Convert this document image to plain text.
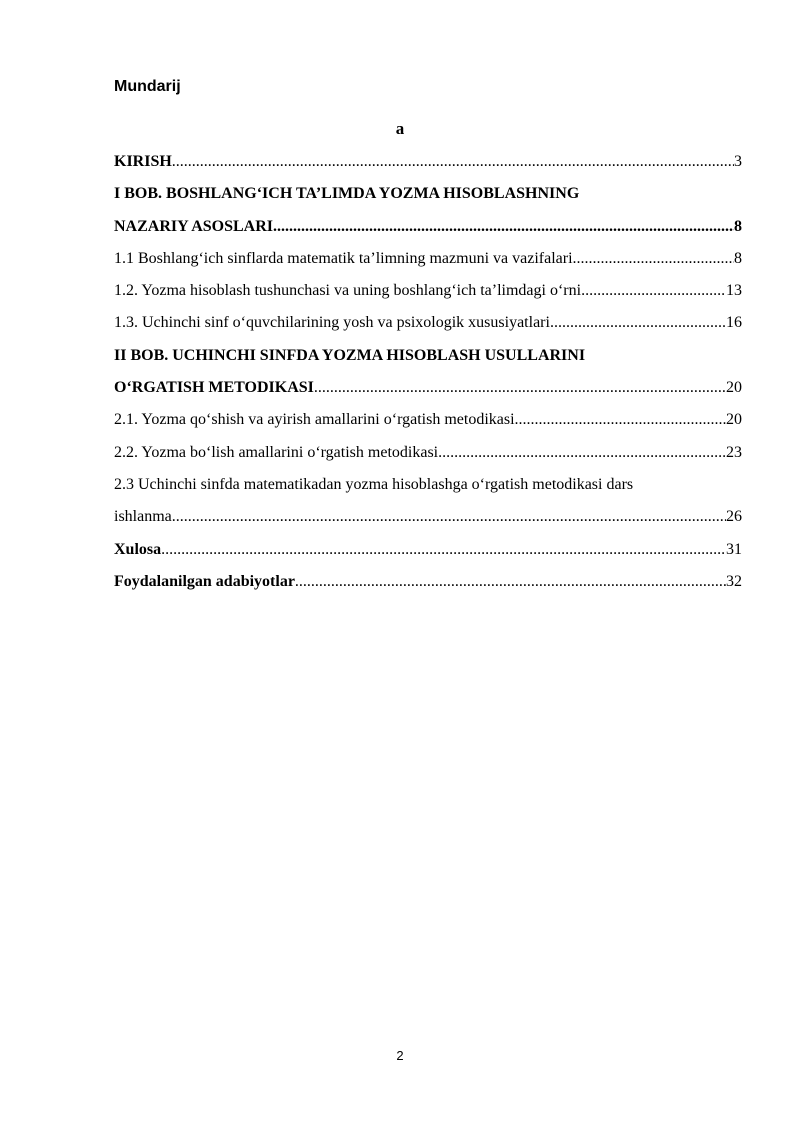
Mundarij
a
KIRISH .....	3
I BOB. BOSHLANG‘ICH TA’LIMDA YOZMA HISOBLASHNING
NAZARIY ASOSLARI .....	8
1.1 Boshlang‘ich sinflarda matematik ta’limning mazmuni va vazifalari .....	8
1.2. Yozma hisoblash tushunchasi va uning boshlang‘ich ta’limdagi o‘rni .....	13
1.3. Uchinchi sinf o‘quvchilarining yosh va psixologik xususiyatlari .....	16
II BOB. UCHINCHI SINFDA YOZMA HISOBLASH USULLARINI
O‘RGATISH METODIKASI .....	20
2.1. Yozma qo‘shish va ayirish amallarini o‘rgatish metodikasi .....	20
2.2. Yozma bo‘lish amallarini o‘rgatish metodikasi .....	23
2.3 Uchinchi sinfda matematikadan yozma hisoblashga o‘rgatish metodikasi dars
ishlanma .....	26
Xulosa .....	31
Foydalanilgan adabiyotlar .....	32
2
